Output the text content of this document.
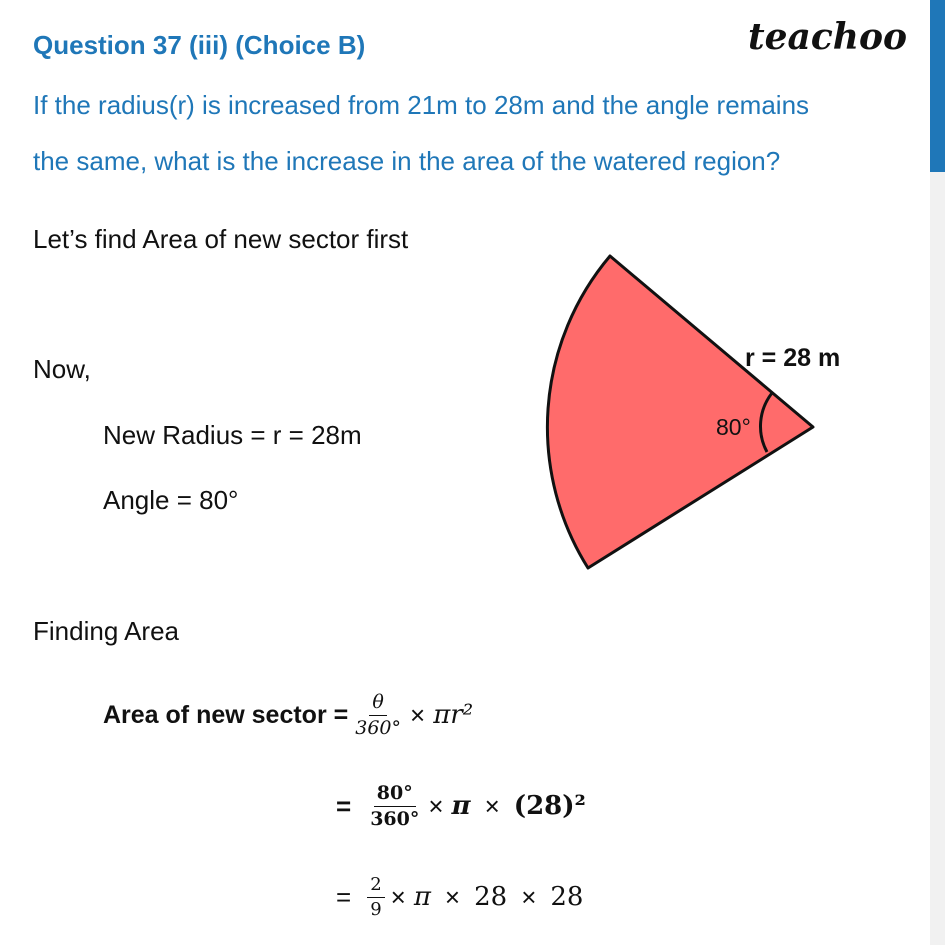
Question 37 (iii) (Choice B)	teachoo
If the radius(r) is increased from 21m to 28m and the angle remains
the same, what is the increase in the area of the watered region?
Let’s find Area of new sector first
Now,
New Radius = r = 28m
Angle = 80°
Finding Area
80°
r = 28 m
Area of new sector = $\frac{\theta}{360^\circ} \times \pi r^2$
= $\frac{80^\circ}{360^\circ} \times \pi \times (28)^2$
= $\frac{2}{9} \times \pi \times 28 \times 28$
